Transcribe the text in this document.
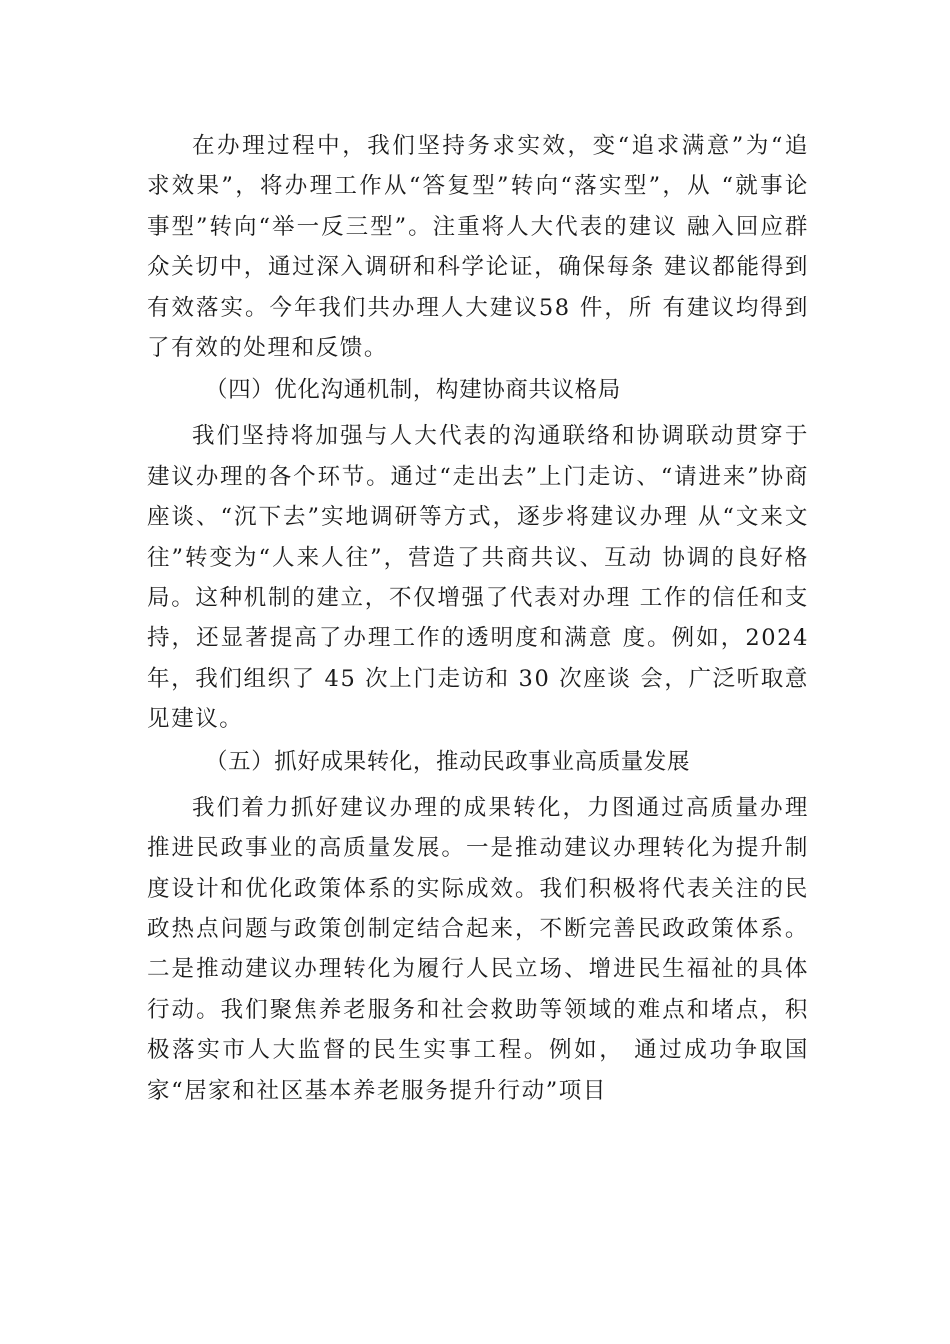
在办理过程中，我们坚持务求实效，变“追求满意”为“追求效果”，将办理工作从“答复型”转向“落实型”，从 “就事论事型”转向“举一反三型”。注重将人大代表的建议 融入回应群众关切中，通过深入调研和科学论证，确保每条 建议都能得到有效落实。今年我们共办理人大建议58 件，所 有建议均得到了有效的处理和反馈。

（四）优化沟通机制，构建协商共议格局

我们坚持将加强与人大代表的沟通联络和协调联动贯穿于建议办理的各个环节。通过“走出去”上门走访、“请进来”协商座谈、“沉下去”实地调研等方式，逐步将建议办理 从“文来文往”转变为“人来人往”，营造了共商共议、互动 协调的良好格局。这种机制的建立，不仅增强了代表对办理 工作的信任和支持，还显著提高了办理工作的透明度和满意 度。例如，2024 年，我们组织了 45 次上门走访和 30 次座谈 会，广泛听取意见建议。

（五）抓好成果转化，推动民政事业高质量发展

我们着力抓好建议办理的成果转化，力图通过高质量办理推进民政事业的高质量发展。一是推动建议办理转化为提升制度设计和优化政策体系的实际成效。我们积极将代表关注的民政热点问题与政策创制定结合起来，不断完善民政政策体系。二是推动建议办理转化为履行人民立场、增进民生福祉的具体行动。我们聚焦养老服务和社会救助等领域的难点和堵点，积极落实市人大监督的民生实事工程。例如， 通过成功争取国家“居家和社区基本养老服务提升行动”项目
